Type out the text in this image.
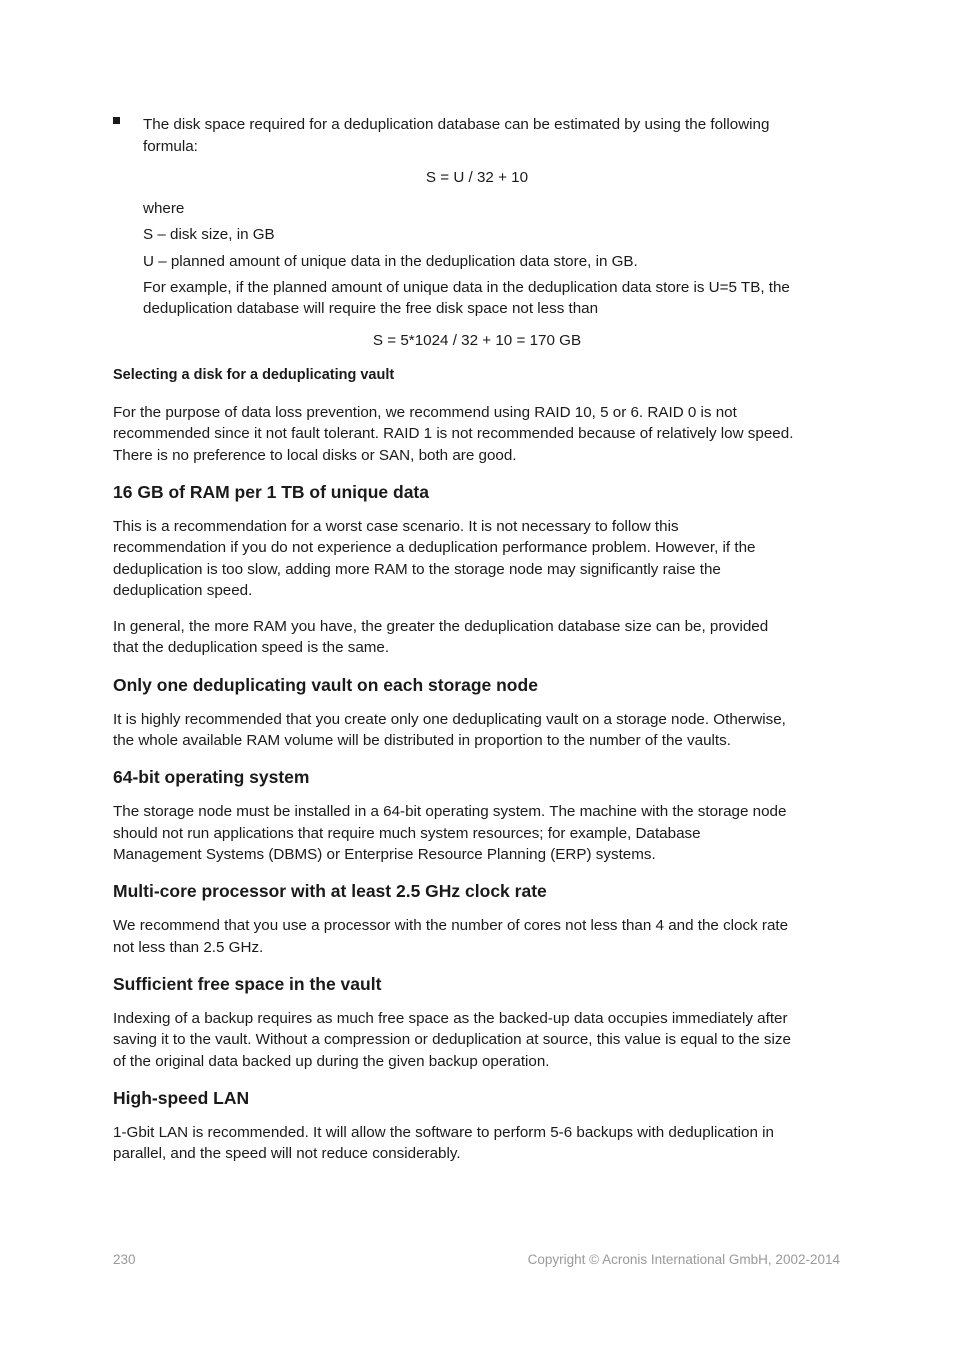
The disk space required for a deduplication database can be estimated by using the following
formula:
S = U / 32 + 10
where
S – disk size, in GB
U – planned amount of unique data in the deduplication data store, in GB.
For example, if the planned amount of unique data in the deduplication data store is U=5 TB, the
deduplication database will require the free disk space not less than
S = 5*1024 / 32 + 10 = 170 GB
Selecting a disk for a deduplicating vault
For the purpose of data loss prevention, we recommend using RAID 10, 5 or 6. RAID 0 is not
recommended since it not fault tolerant. RAID 1 is not recommended because of relatively low speed.
There is no preference to local disks or SAN, both are good.
16 GB of RAM per 1 TB of unique data
This is a recommendation for a worst case scenario. It is not necessary to follow this
recommendation if you do not experience a deduplication performance problem. However, if the
deduplication is too slow, adding more RAM to the storage node may significantly raise the
deduplication speed.
In general, the more RAM you have, the greater the deduplication database size can be, provided
that the deduplication speed is the same.
Only one deduplicating vault on each storage node
It is highly recommended that you create only one deduplicating vault on a storage node. Otherwise,
the whole available RAM volume will be distributed in proportion to the number of the vaults.
64-bit operating system
The storage node must be installed in a 64-bit operating system. The machine with the storage node
should not run applications that require much system resources; for example, Database
Management Systems (DBMS) or Enterprise Resource Planning (ERP) systems.
Multi-core processor with at least 2.5 GHz clock rate
We recommend that you use a processor with the number of cores not less than 4 and the clock rate
not less than 2.5 GHz.
Sufficient free space in the vault
Indexing of a backup requires as much free space as the backed-up data occupies immediately after
saving it to the vault. Without a compression or deduplication at source, this value is equal to the size
of the original data backed up during the given backup operation.
High-speed LAN
1-Gbit LAN is recommended. It will allow the software to perform 5-6 backups with deduplication in
parallel, and the speed will not reduce considerably.
230	Copyright © Acronis International GmbH, 2002-2014
